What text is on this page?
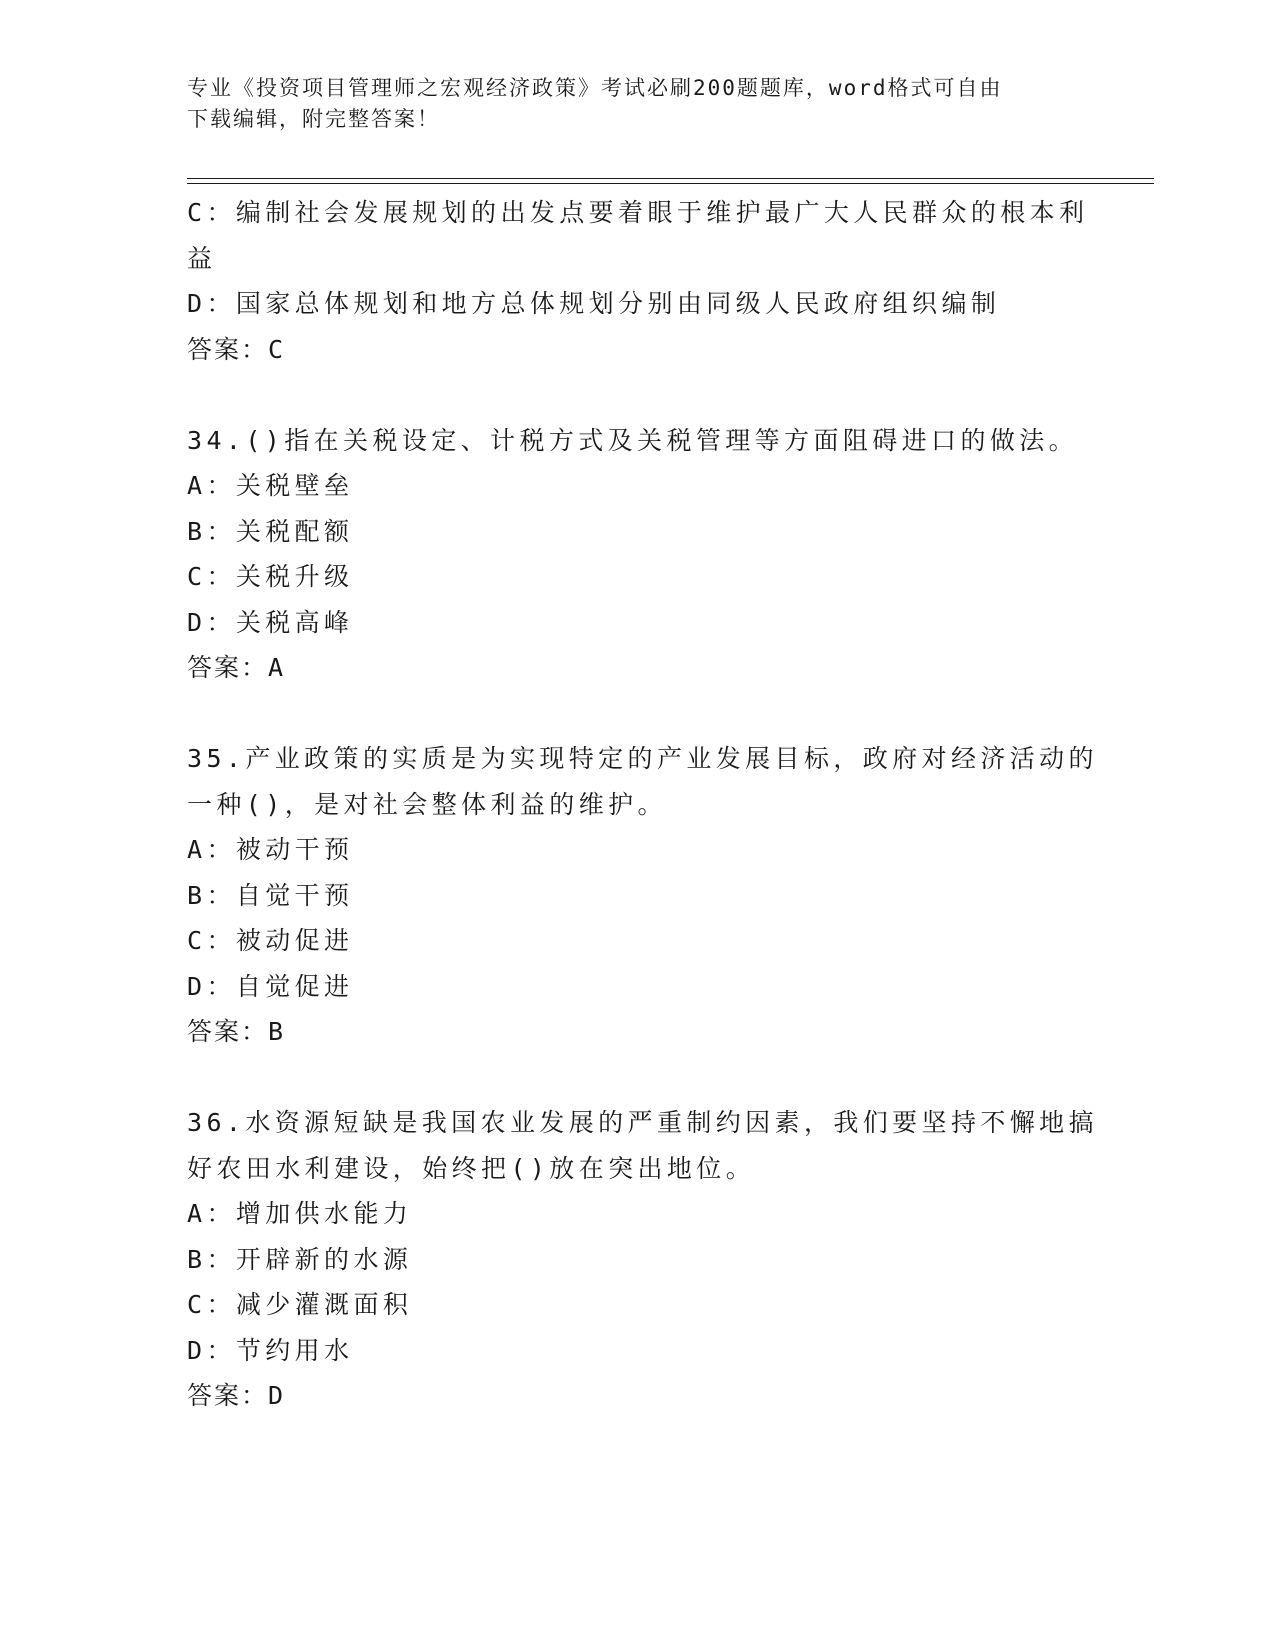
专业《投资项目管理师之宏观经济政策》考试必刷200题题库，word格式可自由
下载编辑，附完整答案！
C：编制社会发展规划的出发点要着眼于维护最广大人民群众的根本利
益
D：国家总体规划和地方总体规划分别由同级人民政府组织编制
答案：C
34.()指在关税设定、计税方式及关税管理等方面阻碍进口的做法。
A：关税壁垒
B：关税配额
C：关税升级
D：关税高峰
答案：A
35.产业政策的实质是为实现特定的产业发展目标，政府对经济活动的
一种()，是对社会整体利益的维护。
A：被动干预
B：自觉干预
C：被动促进
D：自觉促进
答案：B
36.水资源短缺是我国农业发展的严重制约因素，我们要坚持不懈地搞
好农田水利建设，始终把()放在突出地位。
A：增加供水能力
B：开辟新的水源
C：减少灌溉面积
D：节约用水
答案：D
